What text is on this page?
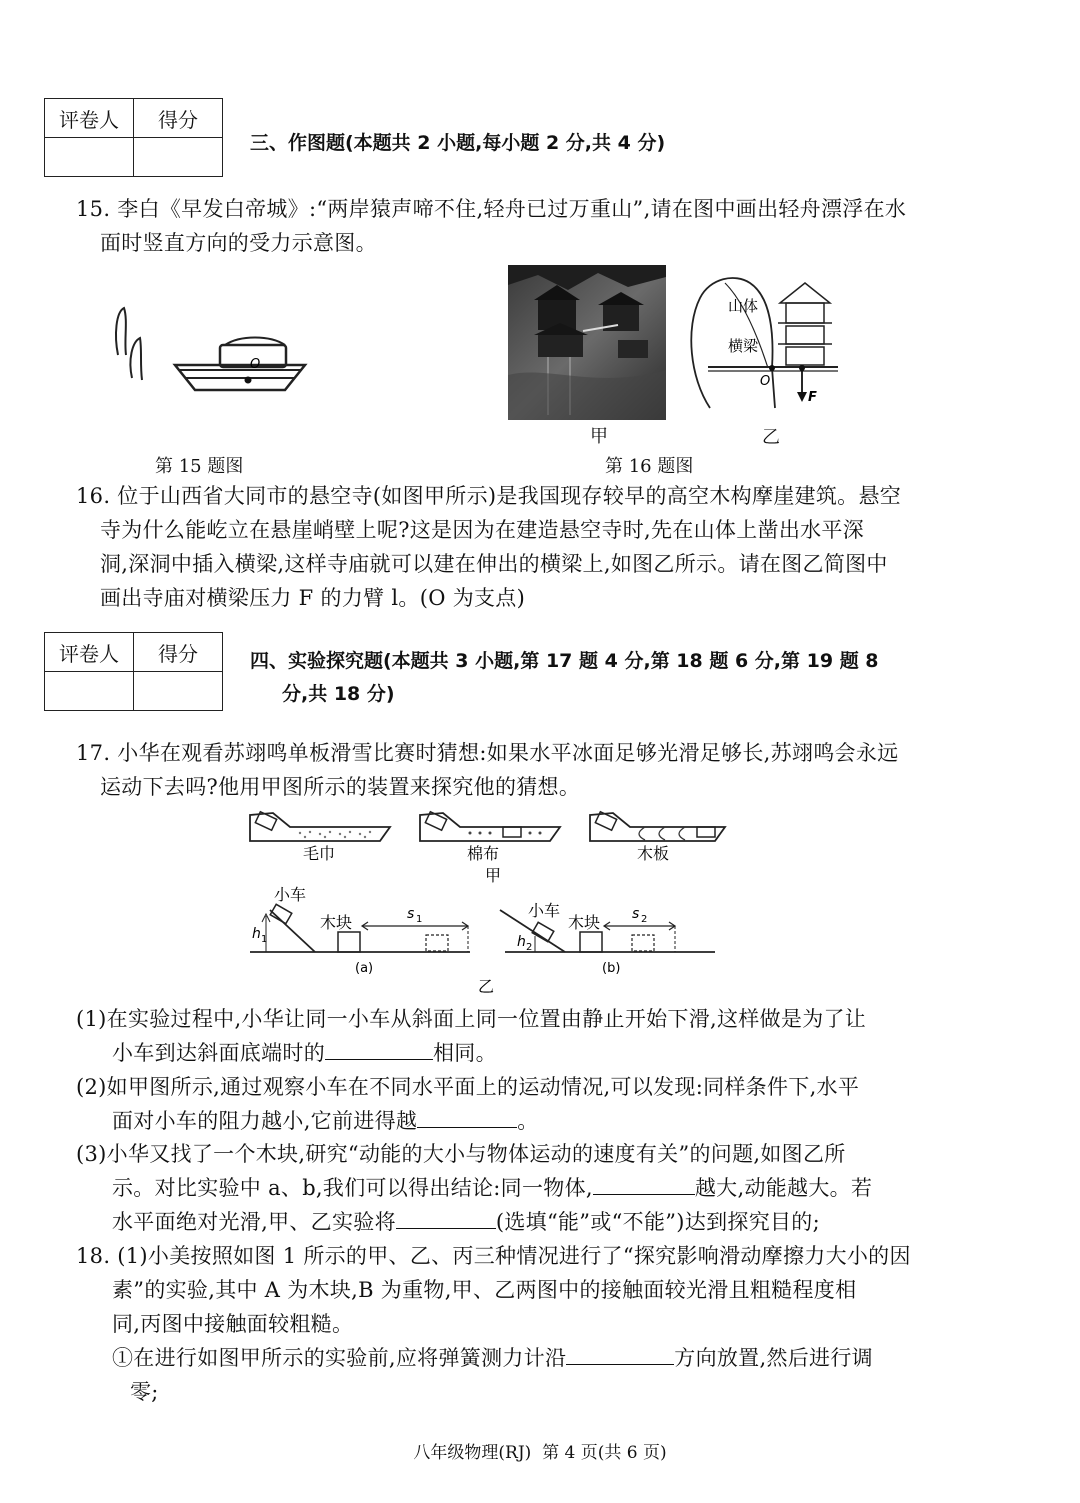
评卷人	得分

三、作图题(本题共 2 小题,每小题 2 分,共 4 分)
15. 李白《早发白帝城》:“两岸猿声啼不住,轻舟已过万重山”,请在图中画出轻舟漂浮在水
面时竖直方向的受力示意图。
O
第 15 题图
甲
山体
横梁
O
F
乙
第 16 题图
16. 位于山西省大同市的悬空寺(如图甲所示)是我国现存较早的高空木构摩崖建筑。悬空
寺为什么能屹立在悬崖峭壁上呢?这是因为在建造悬空寺时,先在山体上凿出水平深
洞,深洞中插入横梁,这样寺庙就可以建在伸出的横梁上,如图乙所示。请在图乙简图中
画出寺庙对横梁压力 F 的力臂 l。(O 为支点)
评卷人	得分
		四、实验探究题(本题共 3 小题,第 17 题 4 分,第 18 题 6 分,第 19 题 8
分,共 18 分)
17. 小华在观看苏翊鸣单板滑雪比赛时猜想:如果水平冰面足够光滑足够长,苏翊鸣会永远
运动下去吗?他用甲图所示的装置来探究他的猜想。
毛巾	棉布
甲
木板
小车
h 1
木块	s 1
(a)
小车
木块
h 2
s 2
(b)
乙
(1)在实验过程中,小华让同一小车从斜面上同一位置由静止开始下滑,这样做是为了让
小车到达斜面底端时的	相同。
(2)如甲图所示,通过观察小车在不同水平面上的运动情况,可以发现:同样条件下,水平
面对小车的阻力越小,它前进得越	。
(3)小华又找了一个木块,研究“动能的大小与物体运动的速度有关”的问题,如图乙所
示。对比实验中 a、b,我们可以得出结论:同一物体,	越大,动能越大。若
水平面绝对光滑,甲、乙实验将	(选填“能”或“不能”)达到探究目的;
18. (1)小美按照如图 1 所示的甲、乙、丙三种情况进行了“探究影响滑动摩擦力大小的因
素”的实验,其中 A 为木块,B 为重物,甲、乙两图中的接触面较光滑且粗糙程度相
同,丙图中接触面较粗糙。
①在进行如图甲所示的实验前,应将弹簧测力计沿	方向放置,然后进行调
零;
八年级物理(RJ)  第 4 页(共 6 页)
